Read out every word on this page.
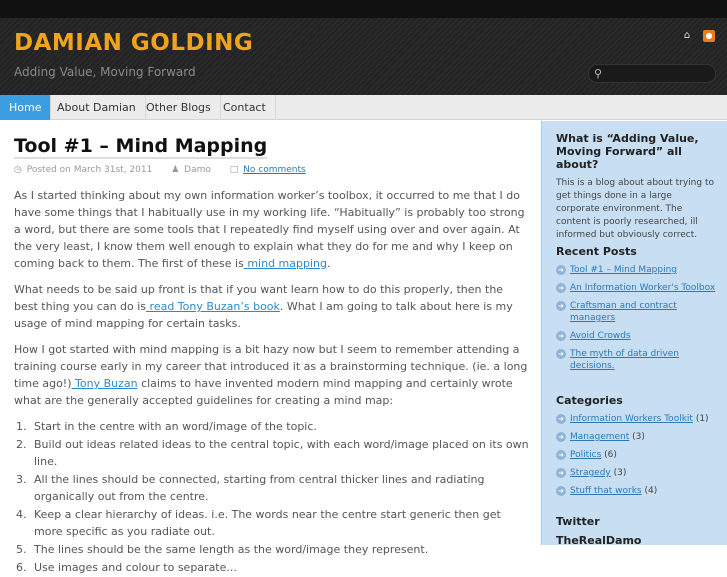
DAMIAN GOLDING
Adding Value, Moving Forward
⌂	●
⚲
Home	About Damian Other Blogs	Contact
Tool #1 – Mind Mapping
◷ Posted on March 31st, 2011 ♟ Damo □ No comments

As I started thinking about my own information worker’s toolbox, it occurred to me that I do have some things that I habitually use in my working life. “Habitually” is probably too strong a word, but there are some tools that I repeatedly find myself using over and over again. At the very least, I know them well enough to explain what they do for me and why I keep on coming back to them. The first of these is mind mapping.

What needs to be said up front is that if you want learn how to do this properly, then the best thing you can do is read Tony Buzan’s book. What I am going to talk about here is my usage of mind mapping for certain tasks.

How I got started with mind mapping is a bit hazy now but I seem to remember attending a training course early in my career that introduced it as a brainstorming technique. (ie. a long time ago!) Tony Buzan claims to have invented modern mind mapping and certainly wrote what are the generally accepted guidelines for creating a mind map:

1. Start in the centre with an word/image of the topic.
2. Build out ideas related ideas to the central topic, with each word/image placed on its own line.
3. All the lines should be connected, starting from central thicker lines and radiating organically out from the centre.
4. Keep a clear hierarchy of ideas. i.e. The words near the centre start generic then get more specific as you radiate out.
5. The lines should be the same length as the word/image they represent.
6. Use images and colour to separate...
What is “Adding Value, Moving Forward” all about?
This is a blog about about trying to get things done in a large corporate environment. The content is poorly researched, ill informed but obviously correct.
Recent Posts
➜ Tool #1 – Mind Mapping
➜ An Information Worker's Toolbox
➜ Craftsman and contract managers
➜ Avoid Crowds
➜ The myth of data driven decisions.
Categories
➜ Information Workers Toolkit (1)
➜ Management (3)
➜ Politics (6)
➜ Stragedy (3)
➜ Stuff that works (4)
Twitter
TheRealDamo
